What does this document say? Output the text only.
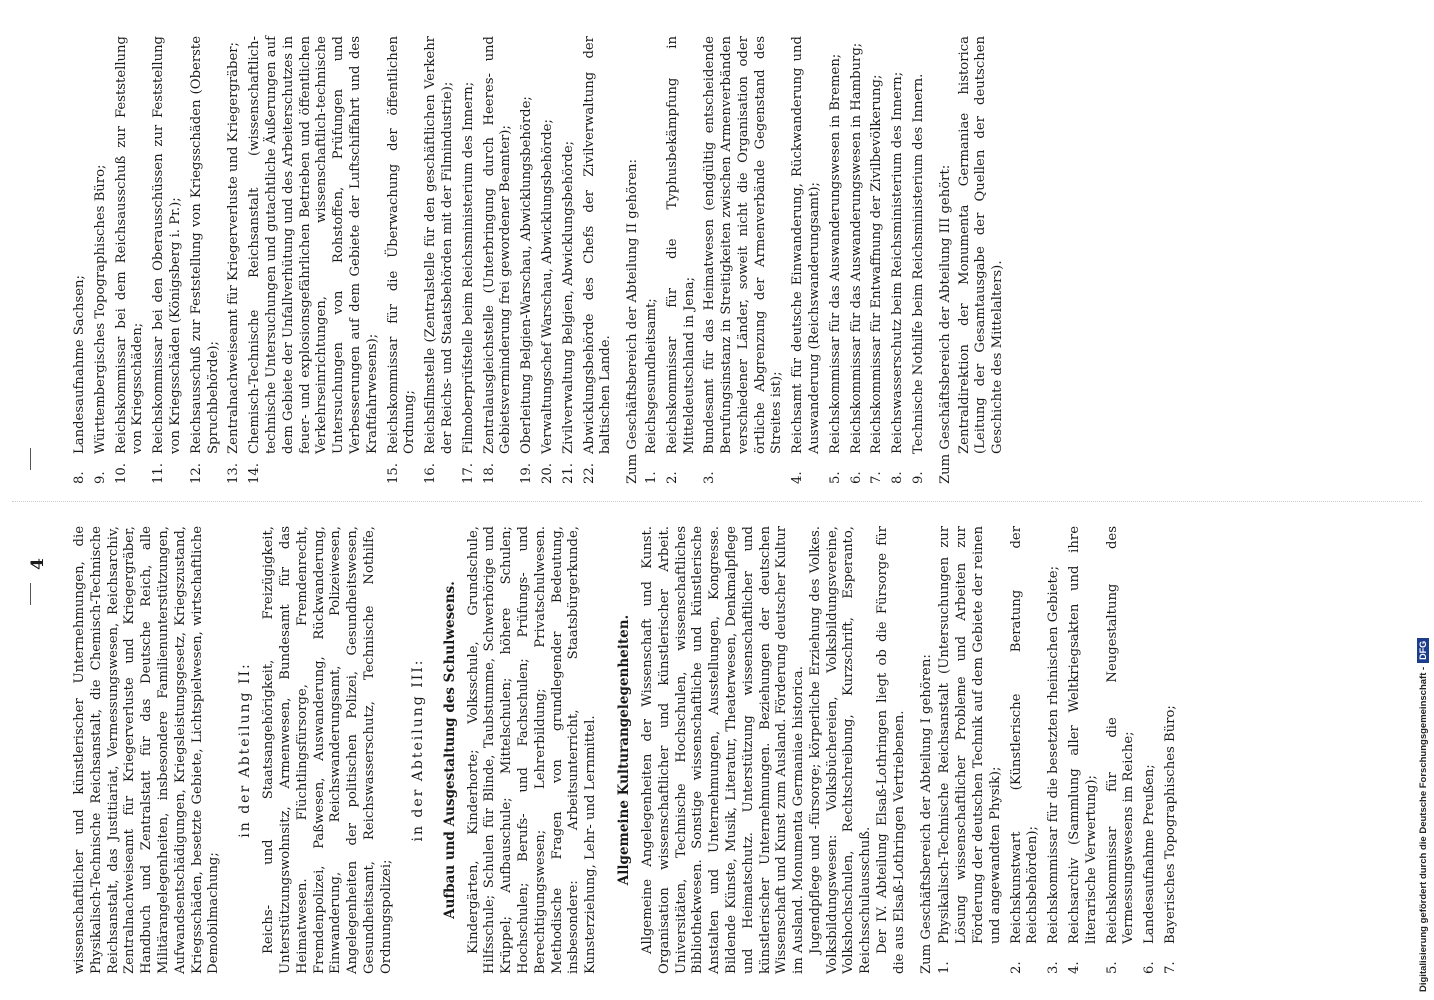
4 wissenschaftlicher und künstlerischer Unternehmungen, die Physikalisch-Technische Reichsanstalt, die Chemisch-Technische Reichsanstalt, das Justitiariat, Vermessungswesen, Reichsarchiv, Zentralnachweiseamt für Kriegerverluste und Kriegergräber, Handbuch und Zentralstatt für das Deutsche Reich, alle Militärangelegenheiten, insbesondere Familienunterstützungen, Aufwandsentschädigungen, Kriegsleistungsgesetz, Kriegszustand, Kriegsschäden, besetzte Gebiete, Lichtspielwesen, wirtschaftliche Demobilmachung;

in der Abteilung II: Reichs- und Staatsangehörigkeit, Freizügigkeit, Unterstützungswohnsitz, Armenwesen, Bundesamt für das Heimatwesen. Flüchtlingsfürsorge, Fremdenrecht, Fremdenpolizei, Paßwesen, Auswanderung, Rückwanderung, Einwanderung, Reichswanderungsamt, Polizeiwesen, Angelegenheiten der politischen Polizei, Gesundheitswesen, Gesundheitsamt, Reichswasserschutz, Technische Nothilfe, Ordnungspolizei;

in der Abteilung III: Aufbau und Ausgestaltung des Schulwesens. Kindergärten, Kinderhorte; Volksschule, Grundschule, Hilfsschule; Schulen für Blinde, Taubstumme, Schwerhörige und Krüppel; Aufbauschule; Mittelschulen; höhere Schulen; Hochschulen; Berufs- und Fachschulen; Prüfungs- und Berechtigungswesen; Lehrerbildung; Privatschulwesen. Methodische Fragen von grundlegender Bedeutung, insbesondere: Arbeitsunterricht, Staatsbürgerkunde, Kunsterziehung, Lehr- und Lernmittel. Allgemeine Kulturangelegenheiten. Allgemeine Angelegenheiten der Wissenschaft und Kunst. Organisation wissenschaftlicher und künstlerischer Arbeit. Universitäten, Technische Hochschulen, wissenschaftliches Bibliothekwesen. Sonstige wissenschaftliche und künstlerische Anstalten und Unternehmungen, Ausstellungen, Kongresse. Bildende Künste, Musik, Literatur, Theaterwesen, Denkmalpflege und Heimatschutz. Unterstützung wissenschaftlicher und künstlerischer Unternehmungen. Beziehungen der deutschen Wissenschaft und Kunst zum Ausland. Förderung deutscher Kultur im Ausland. Monumenta Germaniae historica. Jugendpflege und -fürsorge; körperliche Erziehung des Volkes. Volksbildungswesen: Volksbüchereien, Volksbildungsvereine, Volkshochschulen, Rechtschreibung, Kurzschrift, Esperanto, Reichsschulausschuß. Der IV. Abteilung Elsaß-Lothringen liegt ob die Fürsorge für die aus Elsaß-Lothringen Vertriebenen. Zum Geschäftsbereich der Abteilung I gehören: 1.
Physikalisch-Technische Reichsanstalt (Untersuchungen zur Lösung wissenschaftlicher Probleme und Arbeiten zur Förderung der deutschen Technik auf dem Gebiete der reinen und angewandten Physik);
2.
Reichskunstwart (Künstlerische Beratung der Reichsbehörden);
3.
Reichskommissar für die besetzten rheinischen Gebiete;
4.
Reichsarchiv (Sammlung aller Weltkriegsakten und ihre literarische Verwertung);
5.
Reichskommissar für die Neugestaltung des Vermessungswesens im Reiche;
6.
Landesaufnahme Preußen;
7.
Bayerisches Topographisches Büro;
8.
Landesaufnahme Sachsen;
9.
Württembergisches Topographisches Büro;
10.
Reichskommissar bei dem Reichsausschuß zur Feststellung von Kriegsschäden;
11.
Reichskommissar bei den Oberausschüssen zur Feststellung von Kriegsschäden (Königsberg i. Pr.);
12.
Reichsausschuß zur Feststellung von Kriegsschäden (Oberste Spruchbehörde);
13.
Zentralnachweiseamt für Kriegerverluste und Kriegergräber;
14.
Chemisch-Technische Reichsanstalt (wissenschaftlich-technische Untersuchungen und gutachtliche Äußerungen auf dem Gebiete der Unfallverhütung und des Arbeiterschutzes in feuer- und explosionsgefährlichen Betrieben und öffentlichen Verkehrseinrichtungen, wissenschaftlich-technische Untersuchungen von Rohstoffen, Prüfungen und Verbesserungen auf dem Gebiete der Luftschiffahrt und des Kraftfahrwesens);
15.
Reichskommissar für die Überwachung der öffentlichen Ordnung;
16.
Reichsfilmstelle (Zentralstelle für den geschäftlichen Verkehr der Reichs- und Staatsbehörden mit der Filmindustrie);
17.
Filmoberprüfstelle beim Reichsministerium des Innern;
18.
Zentralausgleichstelle (Unterbringung durch Heeres- und Gebietsverminderung frei gewordener Beamter);
19.
Oberleitung Belgien-Warschau, Abwicklungsbehörde;
20.
Verwaltungschef Warschau, Abwicklungsbehörde;
21.
Zivilverwaltung Belgien, Abwicklungsbehörde;
22.
Abwicklungsbehörde des Chefs der Zivilverwaltung der baltischen Lande. Zum Geschäftsbereich der Abteilung II gehören: 1.
Reichsgesundheitsamt;
2.
Reichskommissar für die Typhusbekämpfung in Mitteldeutschland in Jena;
3.
Bundesamt für das Heimatwesen (endgültig entscheidende Berufungsinstanz in Streitigkeiten zwischen Armenverbänden verschiedener Länder, soweit nicht die Organisation oder örtliche Abgrenzung der Armenverbände Gegenstand des Streites ist);
4.
Reichsamt für deutsche Einwanderung, Rückwanderung und Auswanderung (Reichswanderungsamt);
5.
Reichskommissar für das Auswanderungswesen in Bremen;
6.
Reichskommissar für das Auswanderungswesen in Hamburg;
7.
Reichskommissar für Entwaffnung der Zivilbevölkerung;
8.
Reichswasserschutz beim Reichsministerium des Innern;
9.
Technische Nothilfe beim Reichsministerium des Innern. Zum Geschäftsbereich der Abteilung III gehört: Zentraldirektion der Monumenta Germaniae historica (Leitung der Gesamtausgabe der Quellen der deutschen Geschichte des Mittelalters).

Digitalisierung gefördert durch die Deutsche Forschungsgemeinschaft -
DFG
